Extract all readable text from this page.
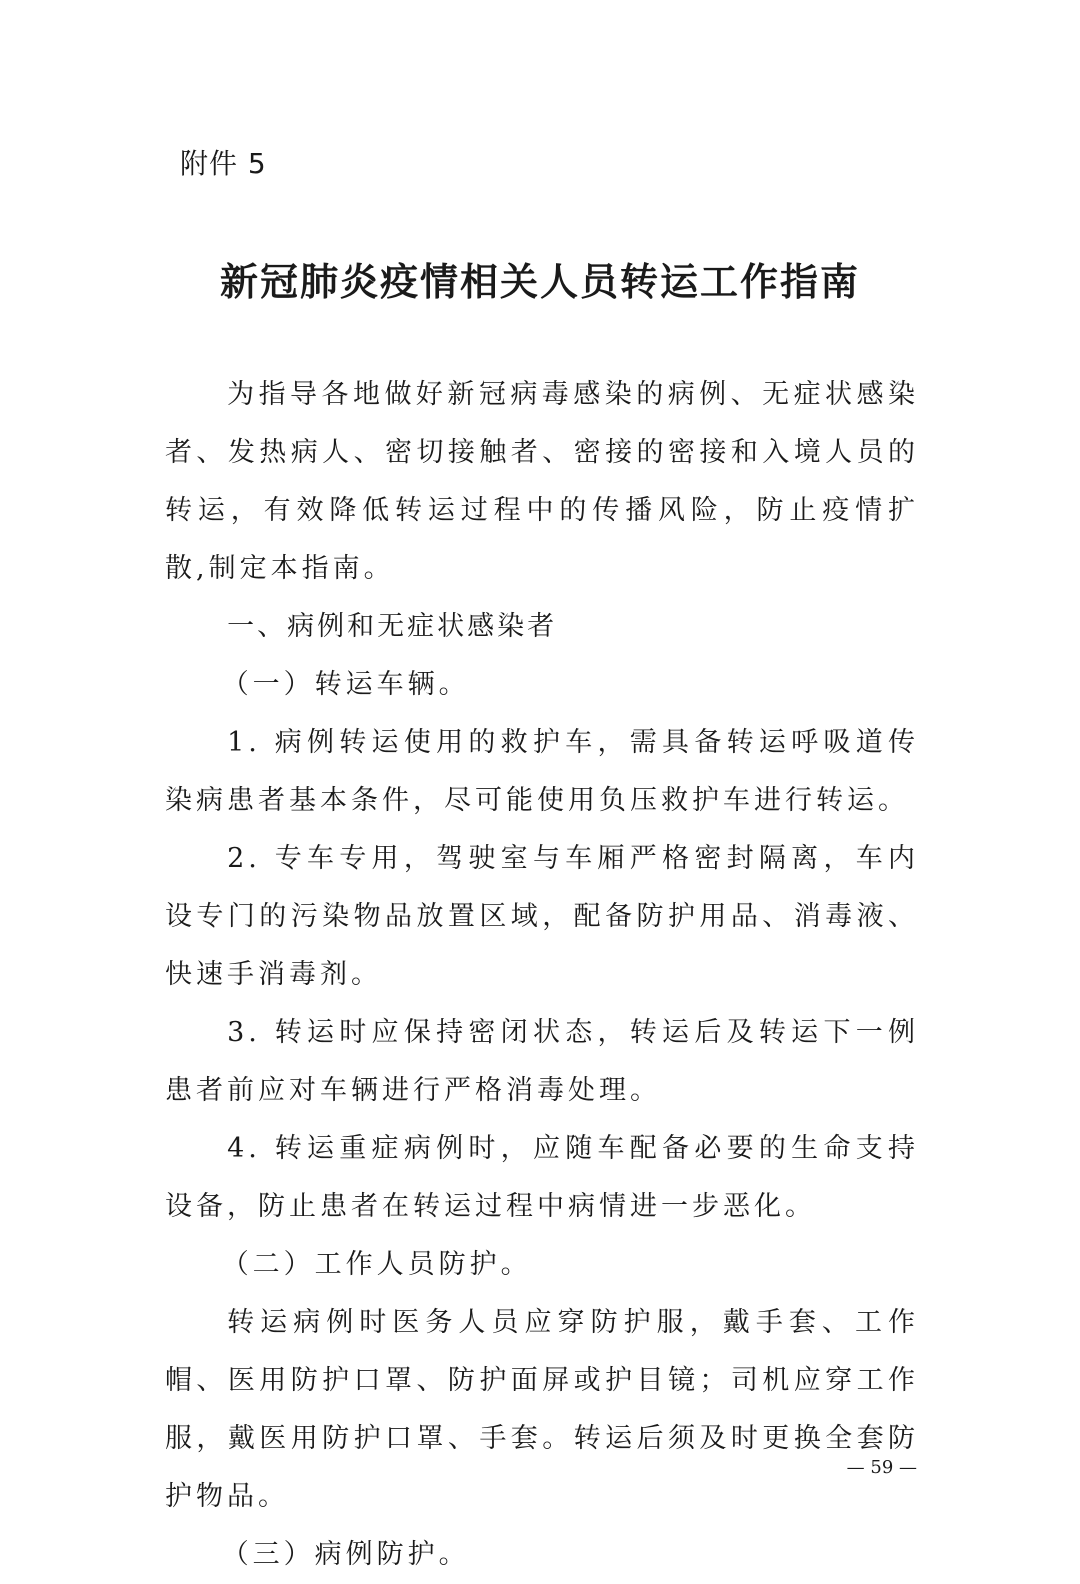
附件 5

新冠肺炎疫情相关人员转运工作指南

为指导各地做好新冠病毒感染的病例、无症状感染者、发热病人、密切接触者、密接的密接和入境人员的转运，有效降低转运过程中的传播风险，防止疫情扩散,制定本指南。

一、病例和无症状感染者

（一）转运车辆。

1. 病例转运使用的救护车，需具备转运呼吸道传染病患者基本条件，尽可能使用负压救护车进行转运。

2. 专车专用，驾驶室与车厢严格密封隔离，车内设专门的污染物品放置区域，配备防护用品、消毒液、快速手消毒剂。

3. 转运时应保持密闭状态，转运后及转运下一例患者前应对车辆进行严格消毒处理。

4. 转运重症病例时，应随车配备必要的生命支持设备，防止患者在转运过程中病情进一步恶化。

（二）工作人员防护。

转运病例时医务人员应穿防护服，戴手套、工作帽、医用防护口罩、防护面屏或护目镜；司机应穿工作服，戴医用防护口罩、手套。转运后须及时更换全套防护物品。

（三）病例防护。

— 59 —
